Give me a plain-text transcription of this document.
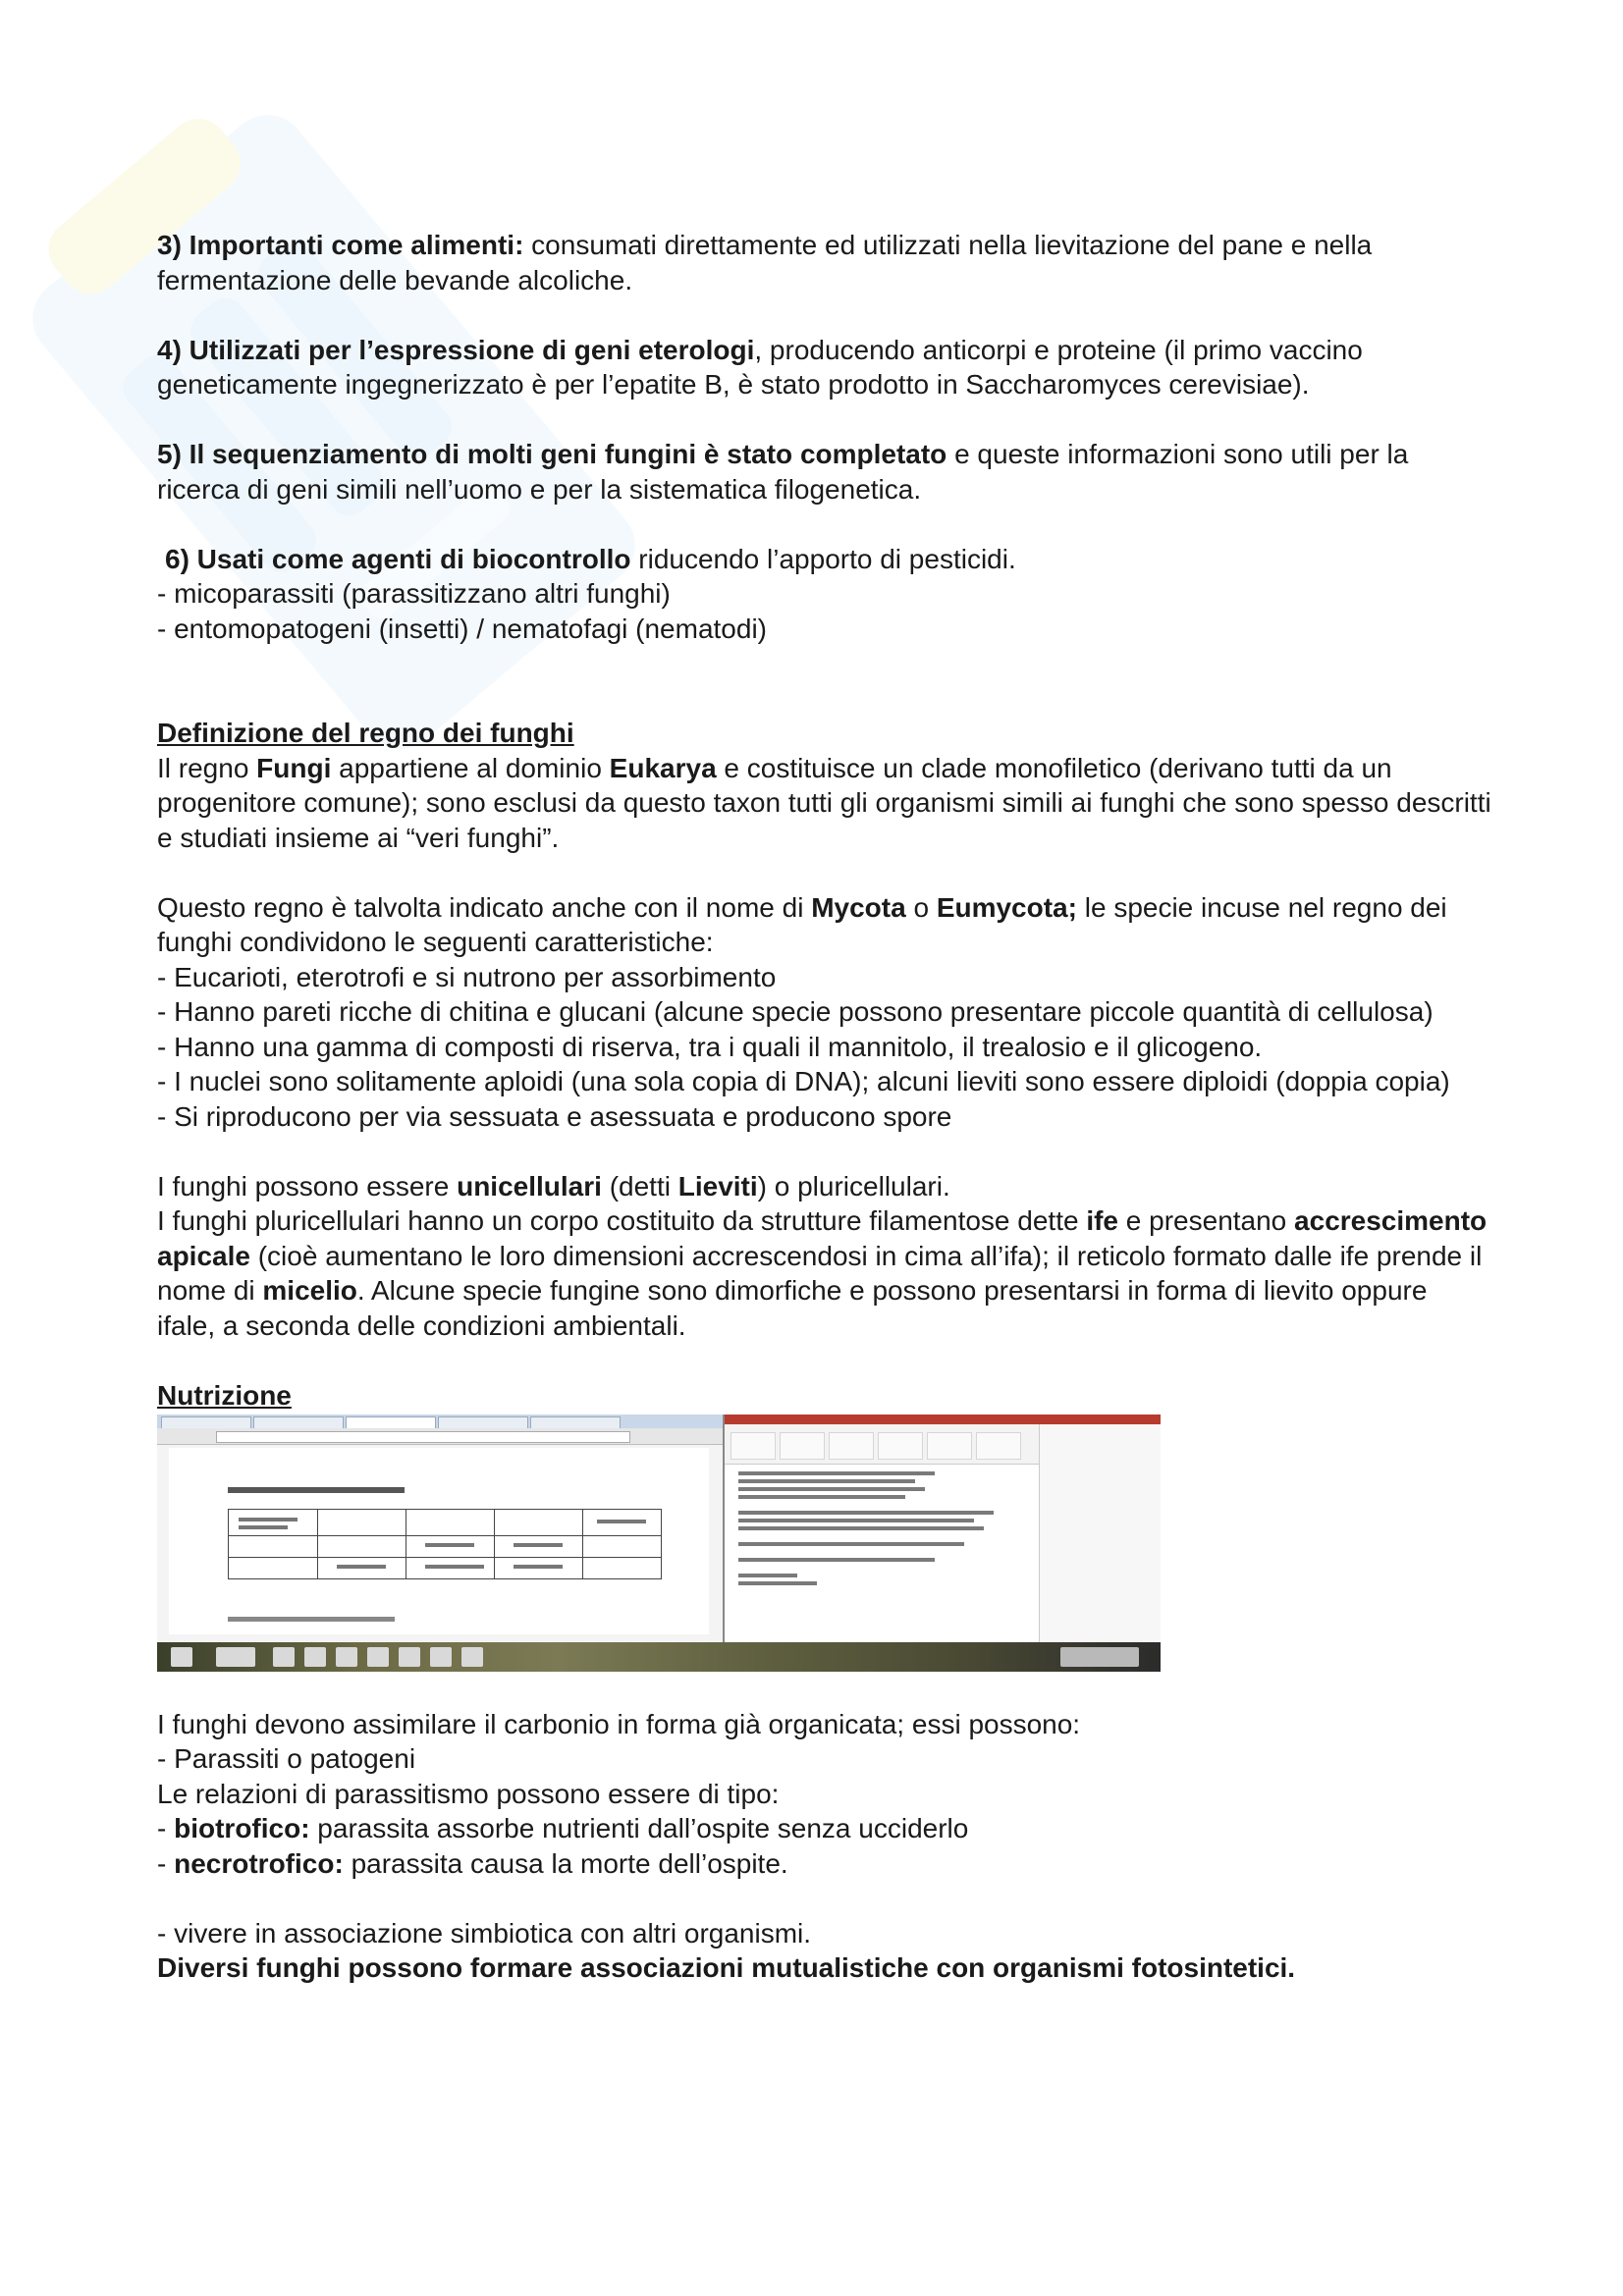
3) Importanti come alimenti: consumati direttamente ed utilizzati nella lievitazione del pane e nella fermentazione delle bevande alcoliche.

4) Utilizzati per l’espressione di geni eterologi, producendo anticorpi e proteine (il primo vaccino geneticamente ingegnerizzato è per l’epatite B, è stato prodotto in Saccharomyces cerevisiae).

5) Il sequenziamento di molti geni fungini è stato completato e queste informazioni sono utili per la ricerca di geni simili nell’uomo e per la sistematica filogenetica.

6) Usati come agenti di biocontrollo riducendo l’apporto di pesticidi.

- micoparassiti (parassitizzano altri funghi)

- entomopatogeni (insetti) / nematofagi (nematodi)

Definizione del regno dei funghi

Il regno Fungi appartiene al dominio Eukarya e costituisce un clade monofiletico (derivano tutti da un progenitore comune); sono esclusi da questo taxon tutti gli organismi simili ai funghi che sono spesso descritti e studiati insieme ai “veri funghi”.

Questo regno è talvolta indicato anche con il nome di Mycota o Eumycota; le specie incuse nel regno dei funghi condividono le seguenti caratteristiche:

- Eucarioti, eterotrofi e si nutrono per assorbimento

- Hanno pareti ricche di chitina e glucani (alcune specie possono presentare piccole quantità di cellulosa)

- Hanno una gamma di composti di riserva, tra i quali il mannitolo, il trealosio e il glicogeno.

- I nuclei sono solitamente aploidi (una sola copia di DNA); alcuni lieviti sono essere diploidi (doppia copia)

- Si riproducono per via sessuata e asessuata e producono spore

I funghi possono essere unicellulari (detti Lieviti) o pluricellulari.

I funghi pluricellulari hanno un corpo costituito da strutture filamentose dette ife e presentano accrescimento apicale (cioè aumentano le loro dimensioni accrescendosi in cima all’ifa); il reticolo formato dalle ife prende il nome di micelio. Alcune specie fungine sono dimorfiche e possono presentarsi in forma di lievito oppure ifale, a seconda delle condizioni ambientali.

Nutrizione

I funghi devono assimilare il carbonio in forma già organicata; essi possono:

- Parassiti o patogeni

Le relazioni di parassitismo possono essere di tipo:

- biotrofico: parassita assorbe nutrienti dall’ospite senza ucciderlo

- necrotrofico: parassita causa la morte dell’ospite.

- vivere in associazione simbiotica con altri organismi.

Diversi funghi possono formare associazioni mutualistiche con organismi fotosintetici.
